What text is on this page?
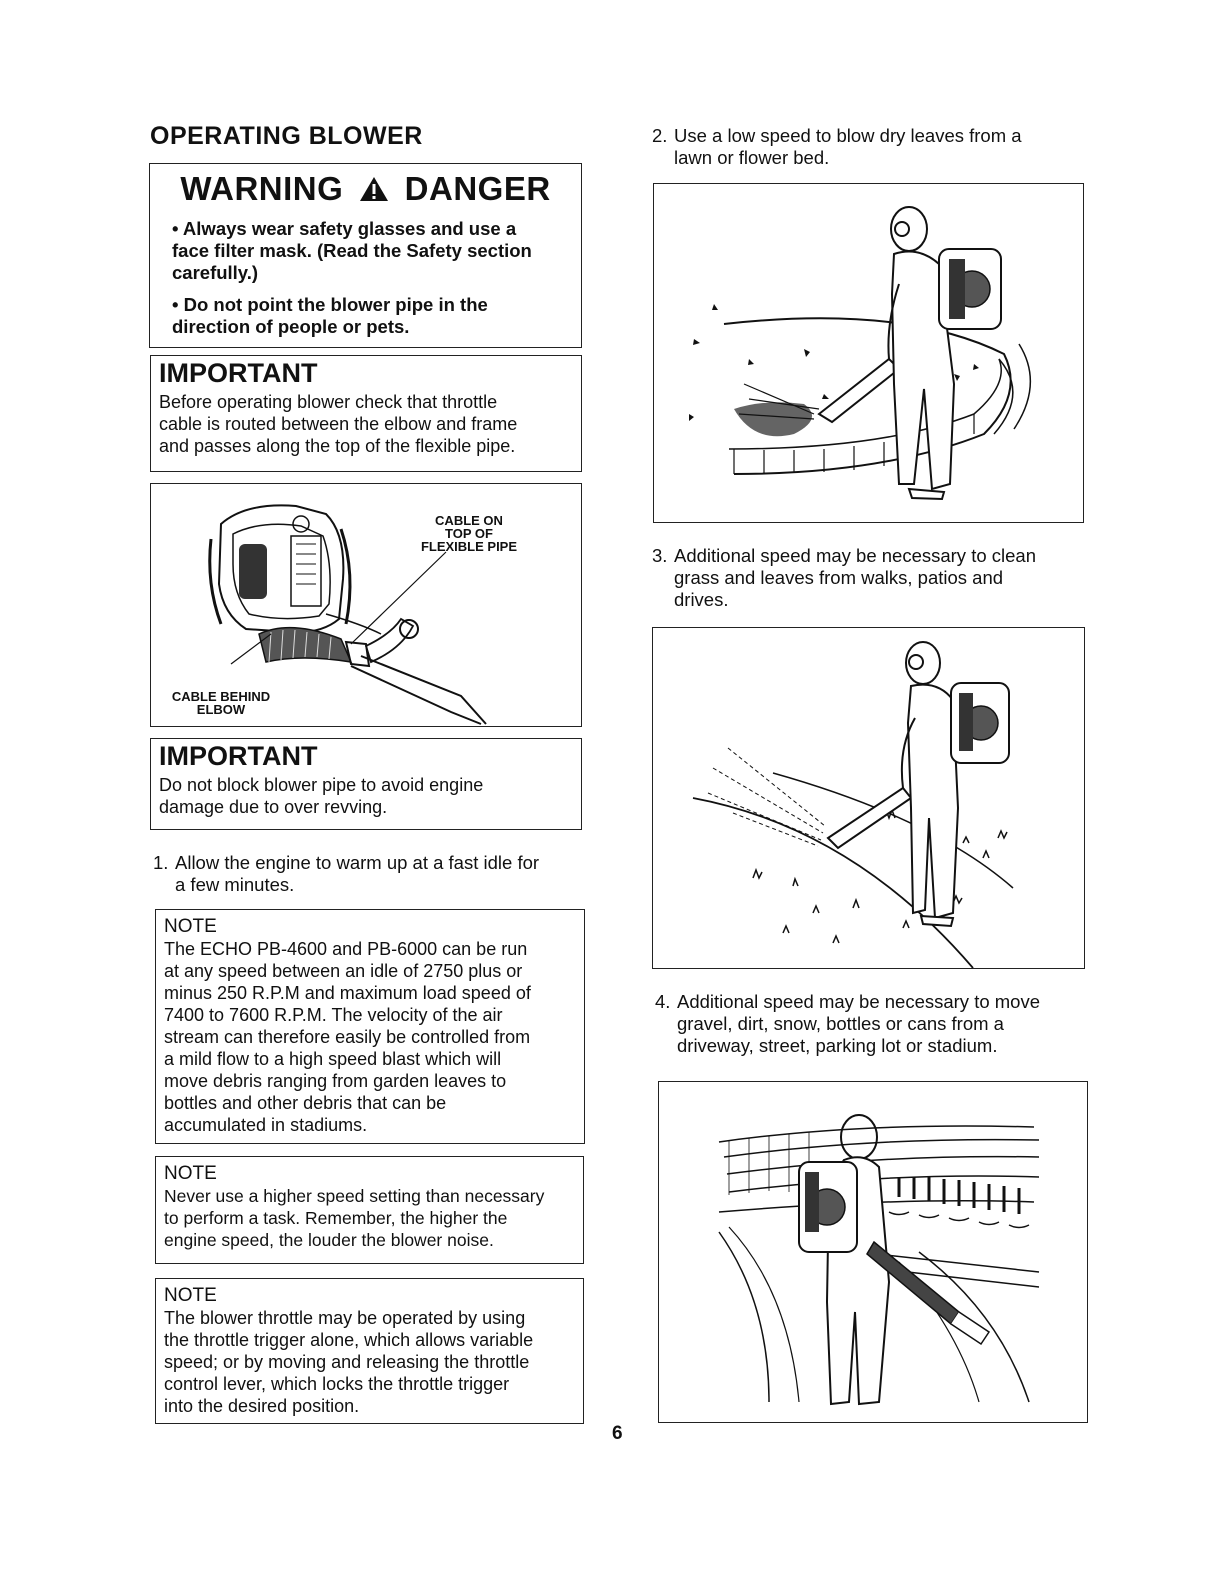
OPERATING BLOWER
WARNING DANGER
• Always wear safety glasses and use a
face filter mask. (Read the Safety section
carefully.)
• Do not point the blower pipe in the
direction of people or pets.
IMPORTANT
Before operating blower check that throttle
cable is routed between the elbow and frame
and passes along the top of the flexible pipe.
CABLE ON
TOP OF
FLEXIBLE PIPE
CABLE BEHIND
ELBOW
IMPORTANT
Do not block blower pipe to avoid engine
damage due to over revving.
1. Allow the engine to warm up at a fast idle for
a few minutes.
NOTE
The ECHO PB-4600 and PB-6000 can be run
at any speed between an idle of 2750 plus or
minus 250 R.P.M and maximum load speed of
7400 to 7600 R.P.M. The velocity of the air
stream can therefore easily be controlled from
a mild flow to a high speed blast which will
move debris ranging from garden leaves to
bottles and other debris that can be
accumulated in stadiums.
NOTE
Never use a higher speed setting than necessary
to perform a task. Remember, the higher the
engine speed, the louder the blower noise.
NOTE
The blower throttle may be operated by using
the throttle trigger alone, which allows variable
speed; or by moving and releasing the throttle
control lever, which locks the throttle trigger
into the desired position.
2. Use a low speed to blow dry leaves from a
lawn or flower bed.
3. Additional speed may be necessary to clean
grass and leaves from walks, patios and
drives.
4. Additional speed may be necessary to move
gravel, dirt, snow, bottles or cans from a
driveway, street, parking lot or stadium.
6
